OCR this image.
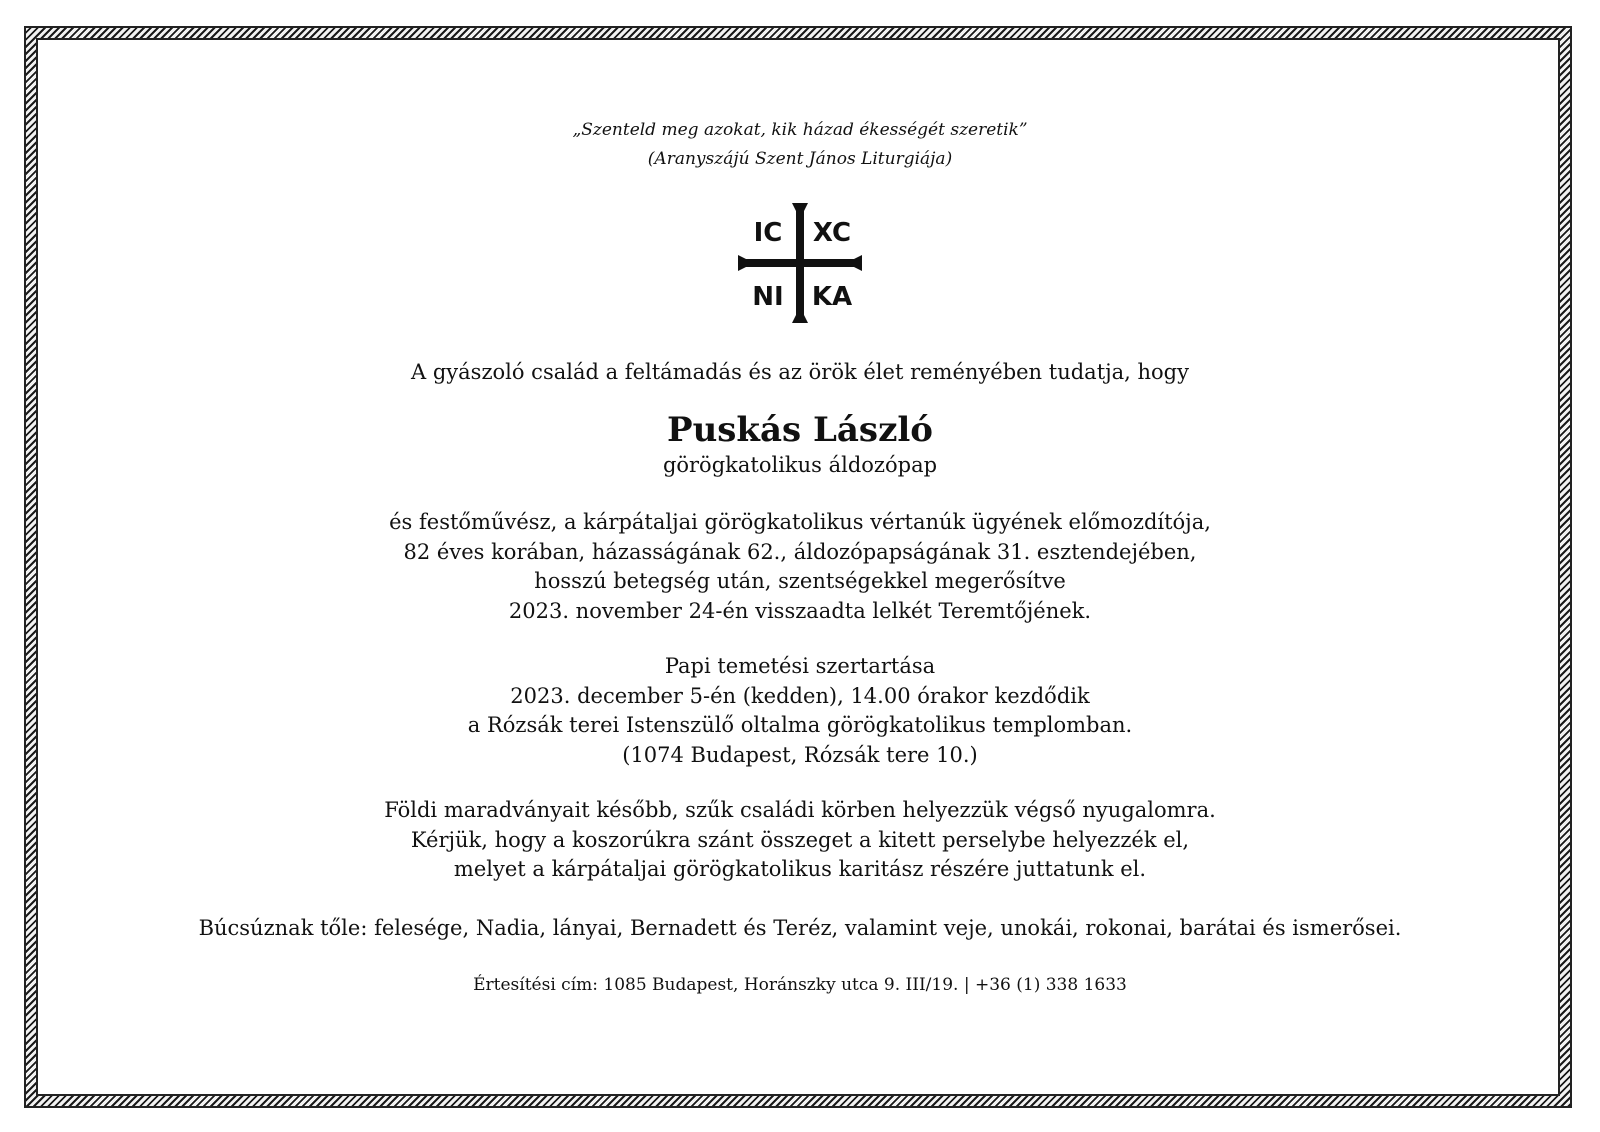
„Szenteld meg azokat, kik házad ékességét szeretik”
(Aranyszájú Szent János Liturgiája)
IC XC
NI KA
A gyászoló család a feltámadás és az örök élet reményében tudatja, hogy
Puskás László
görögkatolikus áldozópap

és festőművész, a kárpátaljai görögkatolikus vértanúk ügyének előmozdítója,

82 éves korában, házasságának 62., áldozópapságának 31. esztendejében,

hosszú betegség után, szentségekkel megerősítve

2023. november 24-én visszaadta lelkét Teremtőjének.

Papi temetési szertartása

2023. december 5-én (kedden), 14.00 órakor kezdődik

a Rózsák terei Istenszülő oltalma görögkatolikus templomban.

(1074 Budapest, Rózsák tere 10.)

Földi maradványait később, szűk családi körben helyezzük végső nyugalomra.

Kérjük, hogy a koszorúkra szánt összeget a kitett perselybe helyezzék el,

melyet a kárpátaljai görögkatolikus karitász részére juttatunk el.

Búcsúznak tőle: felesége, Nadia, lányai, Bernadett és Teréz, valamint veje, unokái, rokonai, barátai és ismerősei.
Értesítési cím: 1085 Budapest, Horánszky utca 9. III/19. | +36 (1) 338 1633
